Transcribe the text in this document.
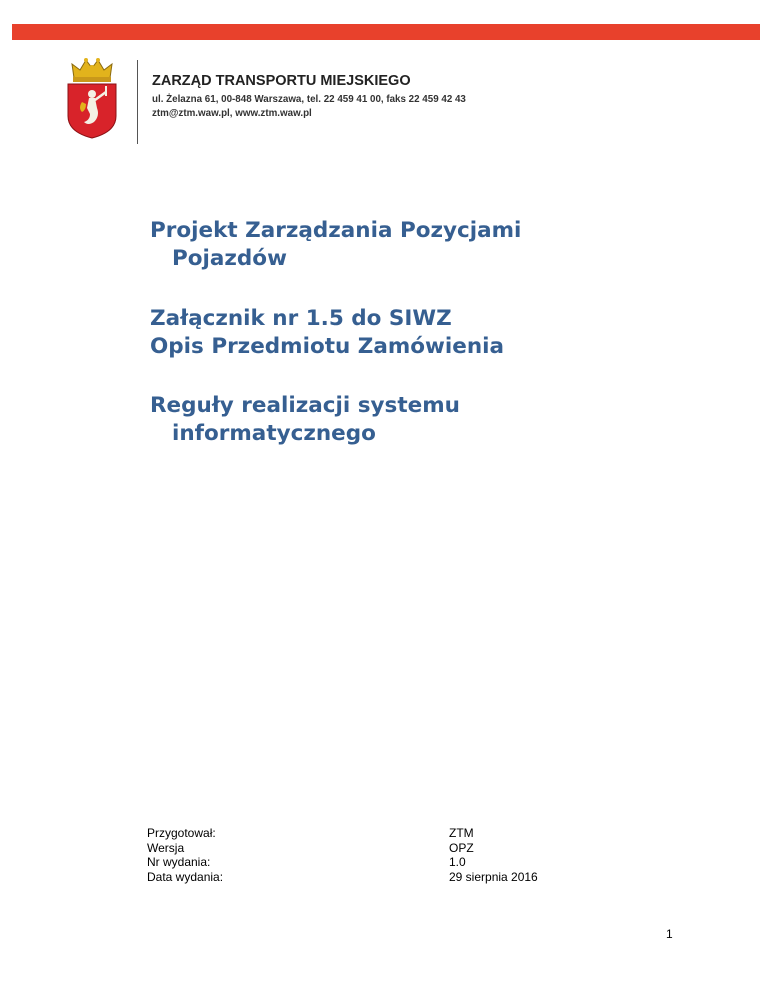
ZARZĄD TRANSPORTU MIEJSKIEGO

ul. Żelazna 61, 00-848 Warszawa, tel. 22 459 41 00, faks 22 459 42 43

ztm@ztm.waw.pl, www.ztm.waw.pl

Projekt Zarządzania Pozycjami
Pojazdów
Załącznik nr 1.5 do SIWZ
Opis Przedmiotu Zamówienia
Reguły realizacji systemu
informatycznego
Przygotował:
Wersja
Nr wydania:
Data wydania:
ZTM
OPZ
1.0
29 sierpnia 2016
1
